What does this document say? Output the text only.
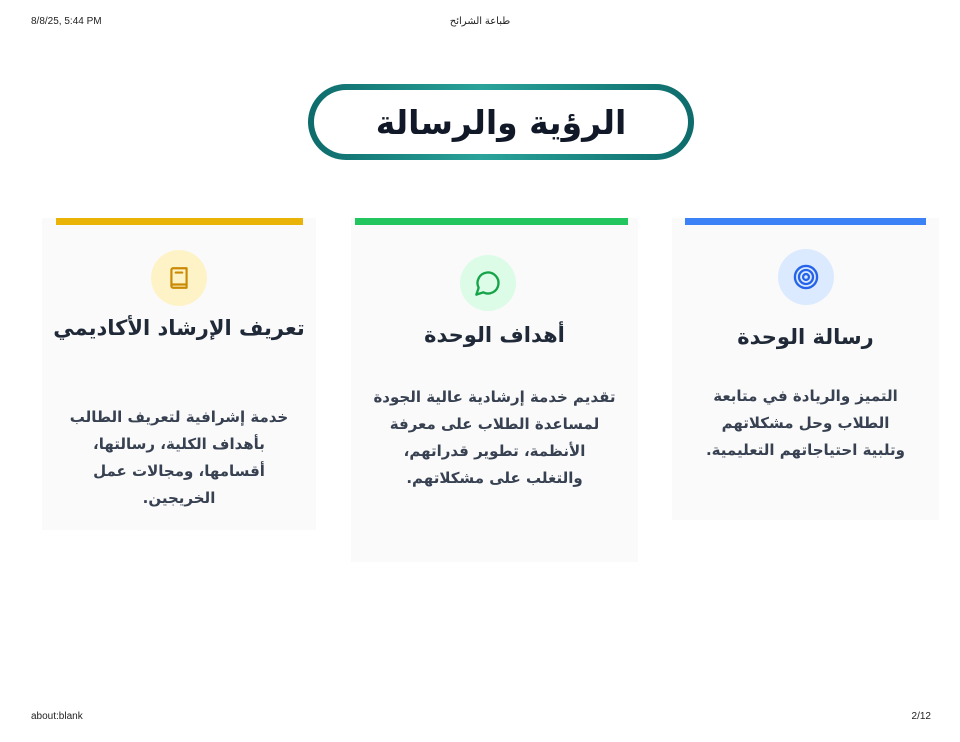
8/8/25, 5:44 PM	طباعة الشرائح
الرؤية والرسالة
تعريف الإرشاد الأكاديمي
خدمة إشرافية لتعريف الطالب بأهداف الكلية، رسالتها، أقسامها، ومجالات عمل الخريجين.
أهداف الوحدة
تقديم خدمة إرشادية عالية الجودة لمساعدة الطلاب على معرفة الأنظمة، تطوير قدراتهم، والتغلب على مشكلاتهم.
رسالة الوحدة
التميز والريادة في متابعة الطلاب وحل مشكلاتهم وتلبية احتياجاتهم التعليمية.
about:blank	2/12
